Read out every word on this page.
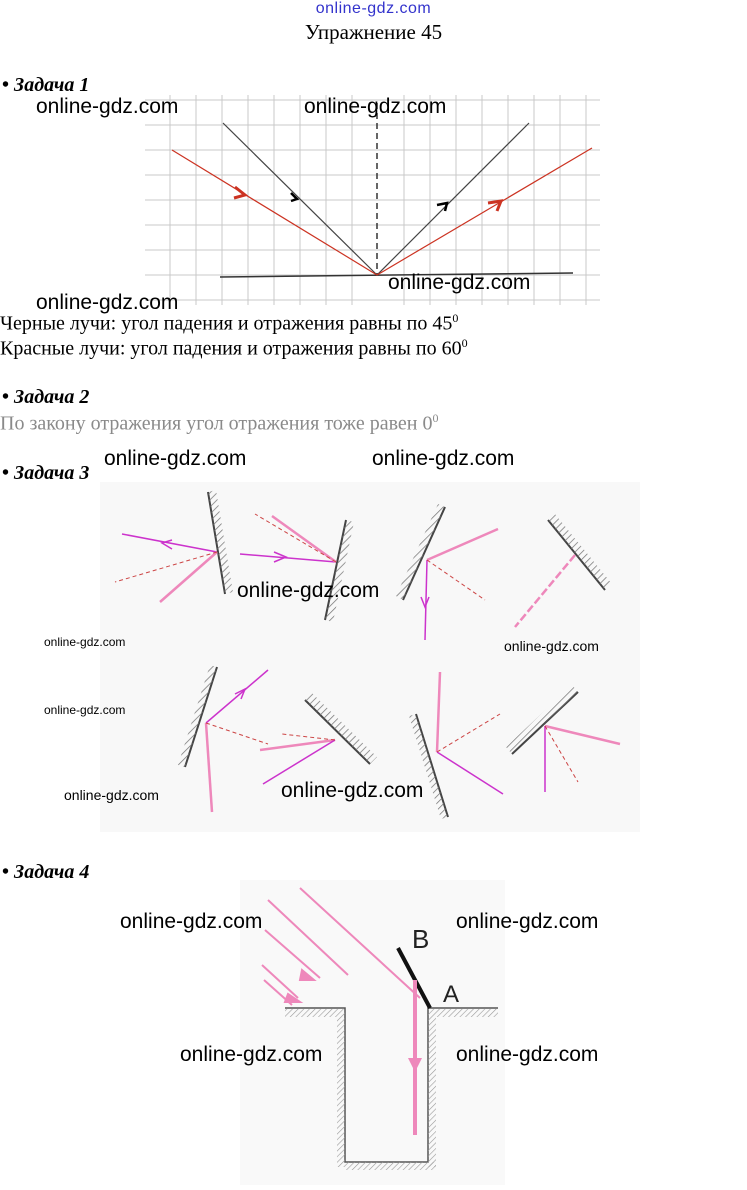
online-gdz.com
Упражнение 45
• Задача 1
Черные лучи: угол падения и отражения равны по $45^0$
Красные лучи: угол падения и отражения равны по $60^0$
• Задача 2
По закону отражения угол отражения тоже равен $0^0$
• Задача 3
• Задача 4
B
A
online-gdz.com	online-gdz.com
online-gdz.com
online-gdz.com
online-gdz.com	online-gdz.com
online-gdz.com
online-gdz.com	online-gdz.com
online-gdz.com
online-gdz.com	online-gdz.com
online-gdz.com	online-gdz.com
online-gdz.com	online-gdz.com
